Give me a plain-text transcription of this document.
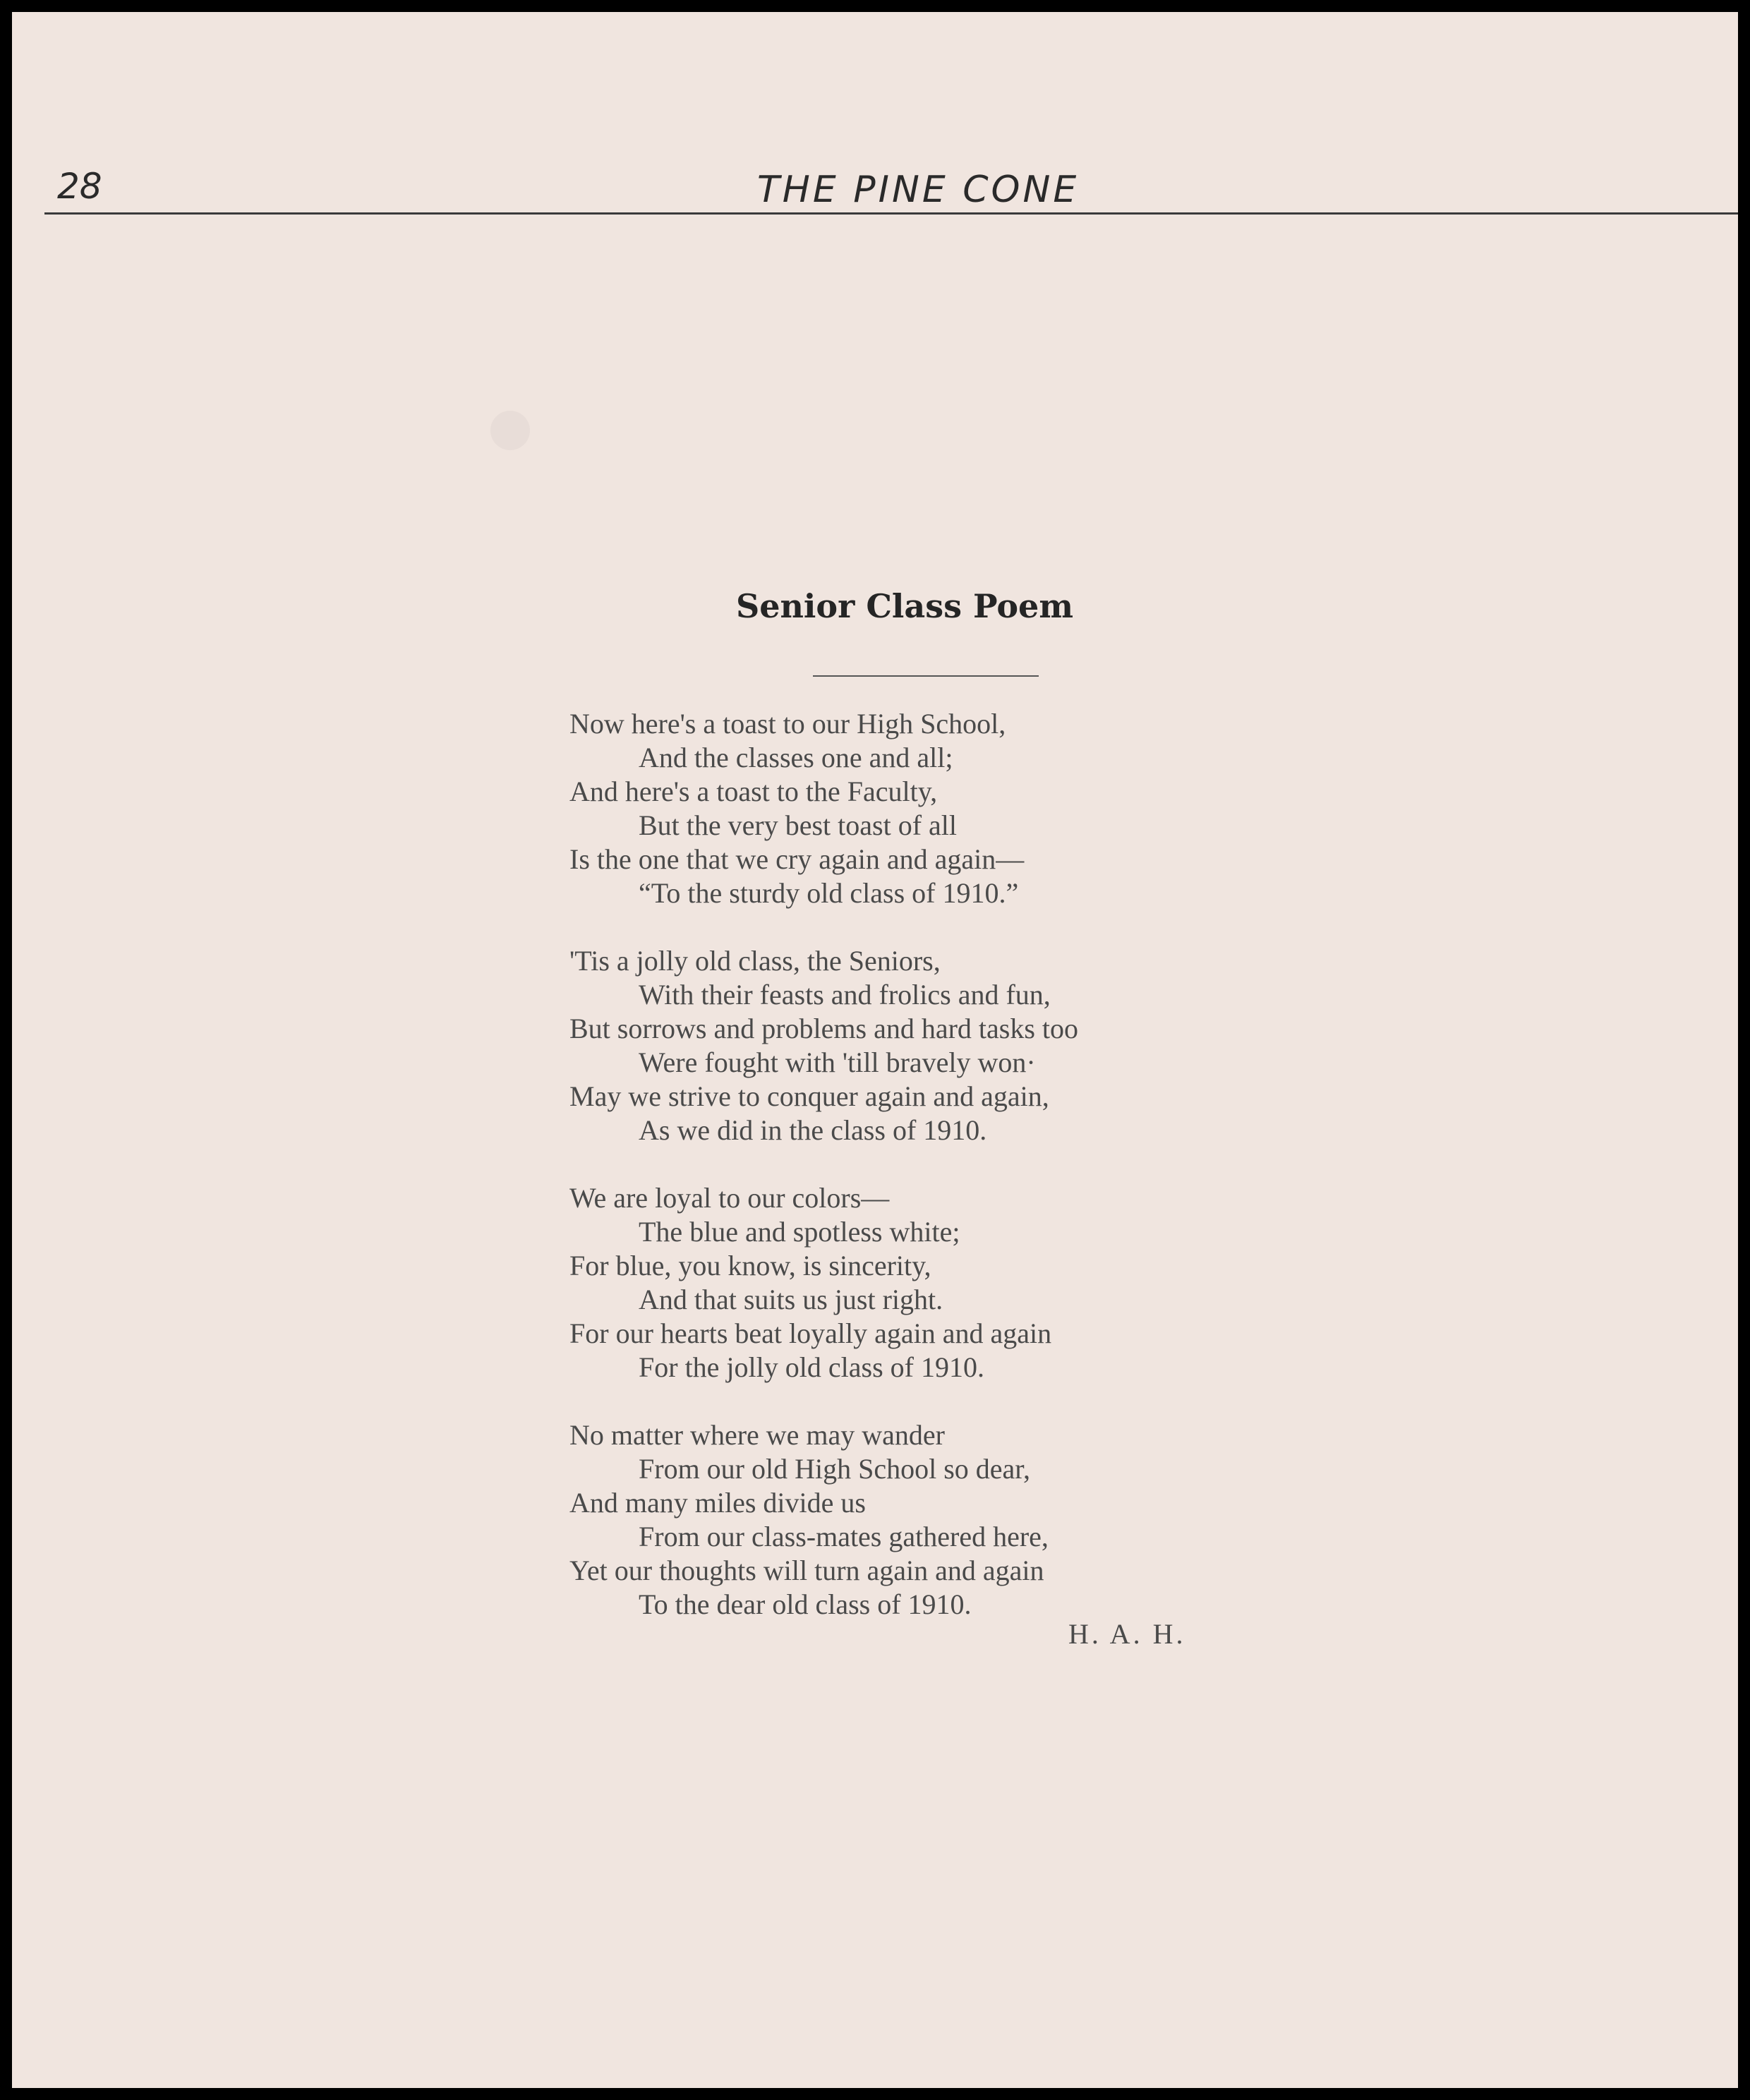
28	THE PINE CONE
Senior Class Poem
Now here's a toast to our High School,
And the classes one and all;
And here's a toast to the Faculty,
But the very best toast of all
Is the one that we cry again and again—
“To the sturdy old class of 1910.”
'Tis a jolly old class, the Seniors,
With their feasts and frolics and fun,
But sorrows and problems and hard tasks too
Were fought with 'till bravely won·
May we strive to conquer again and again,
As we did in the class of 1910.
We are loyal to our colors—
The blue and spotless white;
For blue, you know, is sincerity,
And that suits us just right.
For our hearts beat loyally again and again
For the jolly old class of 1910.
No matter where we may wander
From our old High School so dear,
And many miles divide us
From our class-mates gathered here,
Yet our thoughts will turn again and again
To the dear old class of 1910.
H. A. H.
